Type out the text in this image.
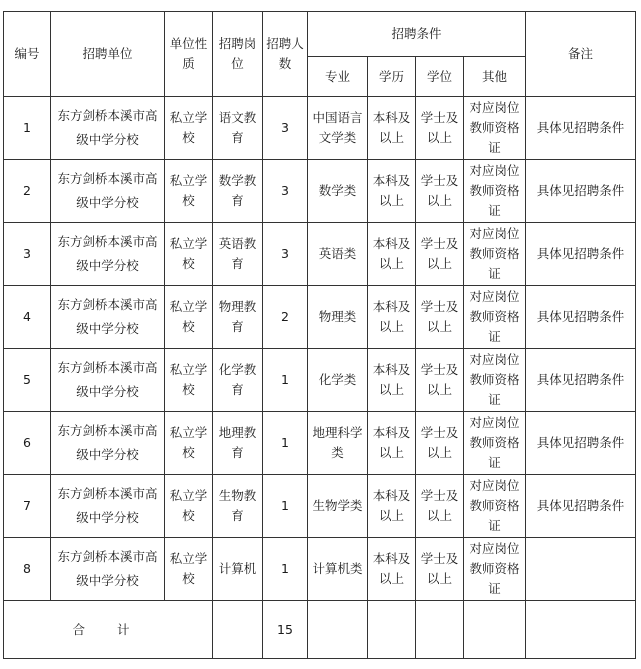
编号	招聘单位	单位性质	招聘岗位	招聘人数	招聘条件				备注
					专业	学历	学位	其他	
1	东方剑桥本溪市高级中学分校	私立学校	语文教育	3	中国语言文学类	本科及以上	学士及以上	对应岗位教师资格证	具体见招聘条件
2	东方剑桥本溪市高级中学分校	私立学校	数学教育	3	数学类	本科及以上	学士及以上	对应岗位教师资格证	具体见招聘条件
3	东方剑桥本溪市高级中学分校	私立学校	英语教育	3	英语类	本科及以上	学士及以上	对应岗位教师资格证	具体见招聘条件
4	东方剑桥本溪市高级中学分校	私立学校	物理教育	2	物理类	本科及以上	学士及以上	对应岗位教师资格证	具体见招聘条件
5	东方剑桥本溪市高级中学分校	私立学校	化学教育	1	化学类	本科及以上	学士及以上	对应岗位教师资格证	具体见招聘条件
6	东方剑桥本溪市高级中学分校	私立学校	地理教育	1	地理科学类	本科及以上	学士及以上	对应岗位教师资格证	具体见招聘条件
7	东方剑桥本溪市高级中学分校	私立学校	生物教育	1	生物学类	本科及以上	学士及以上	对应岗位教师资格证	具体见招聘条件
8	东方剑桥本溪市高级中学分校	私立学校	计算机	1	计算机类	本科及以上	学士及以上	对应岗位教师资格证	
合 计				15					
